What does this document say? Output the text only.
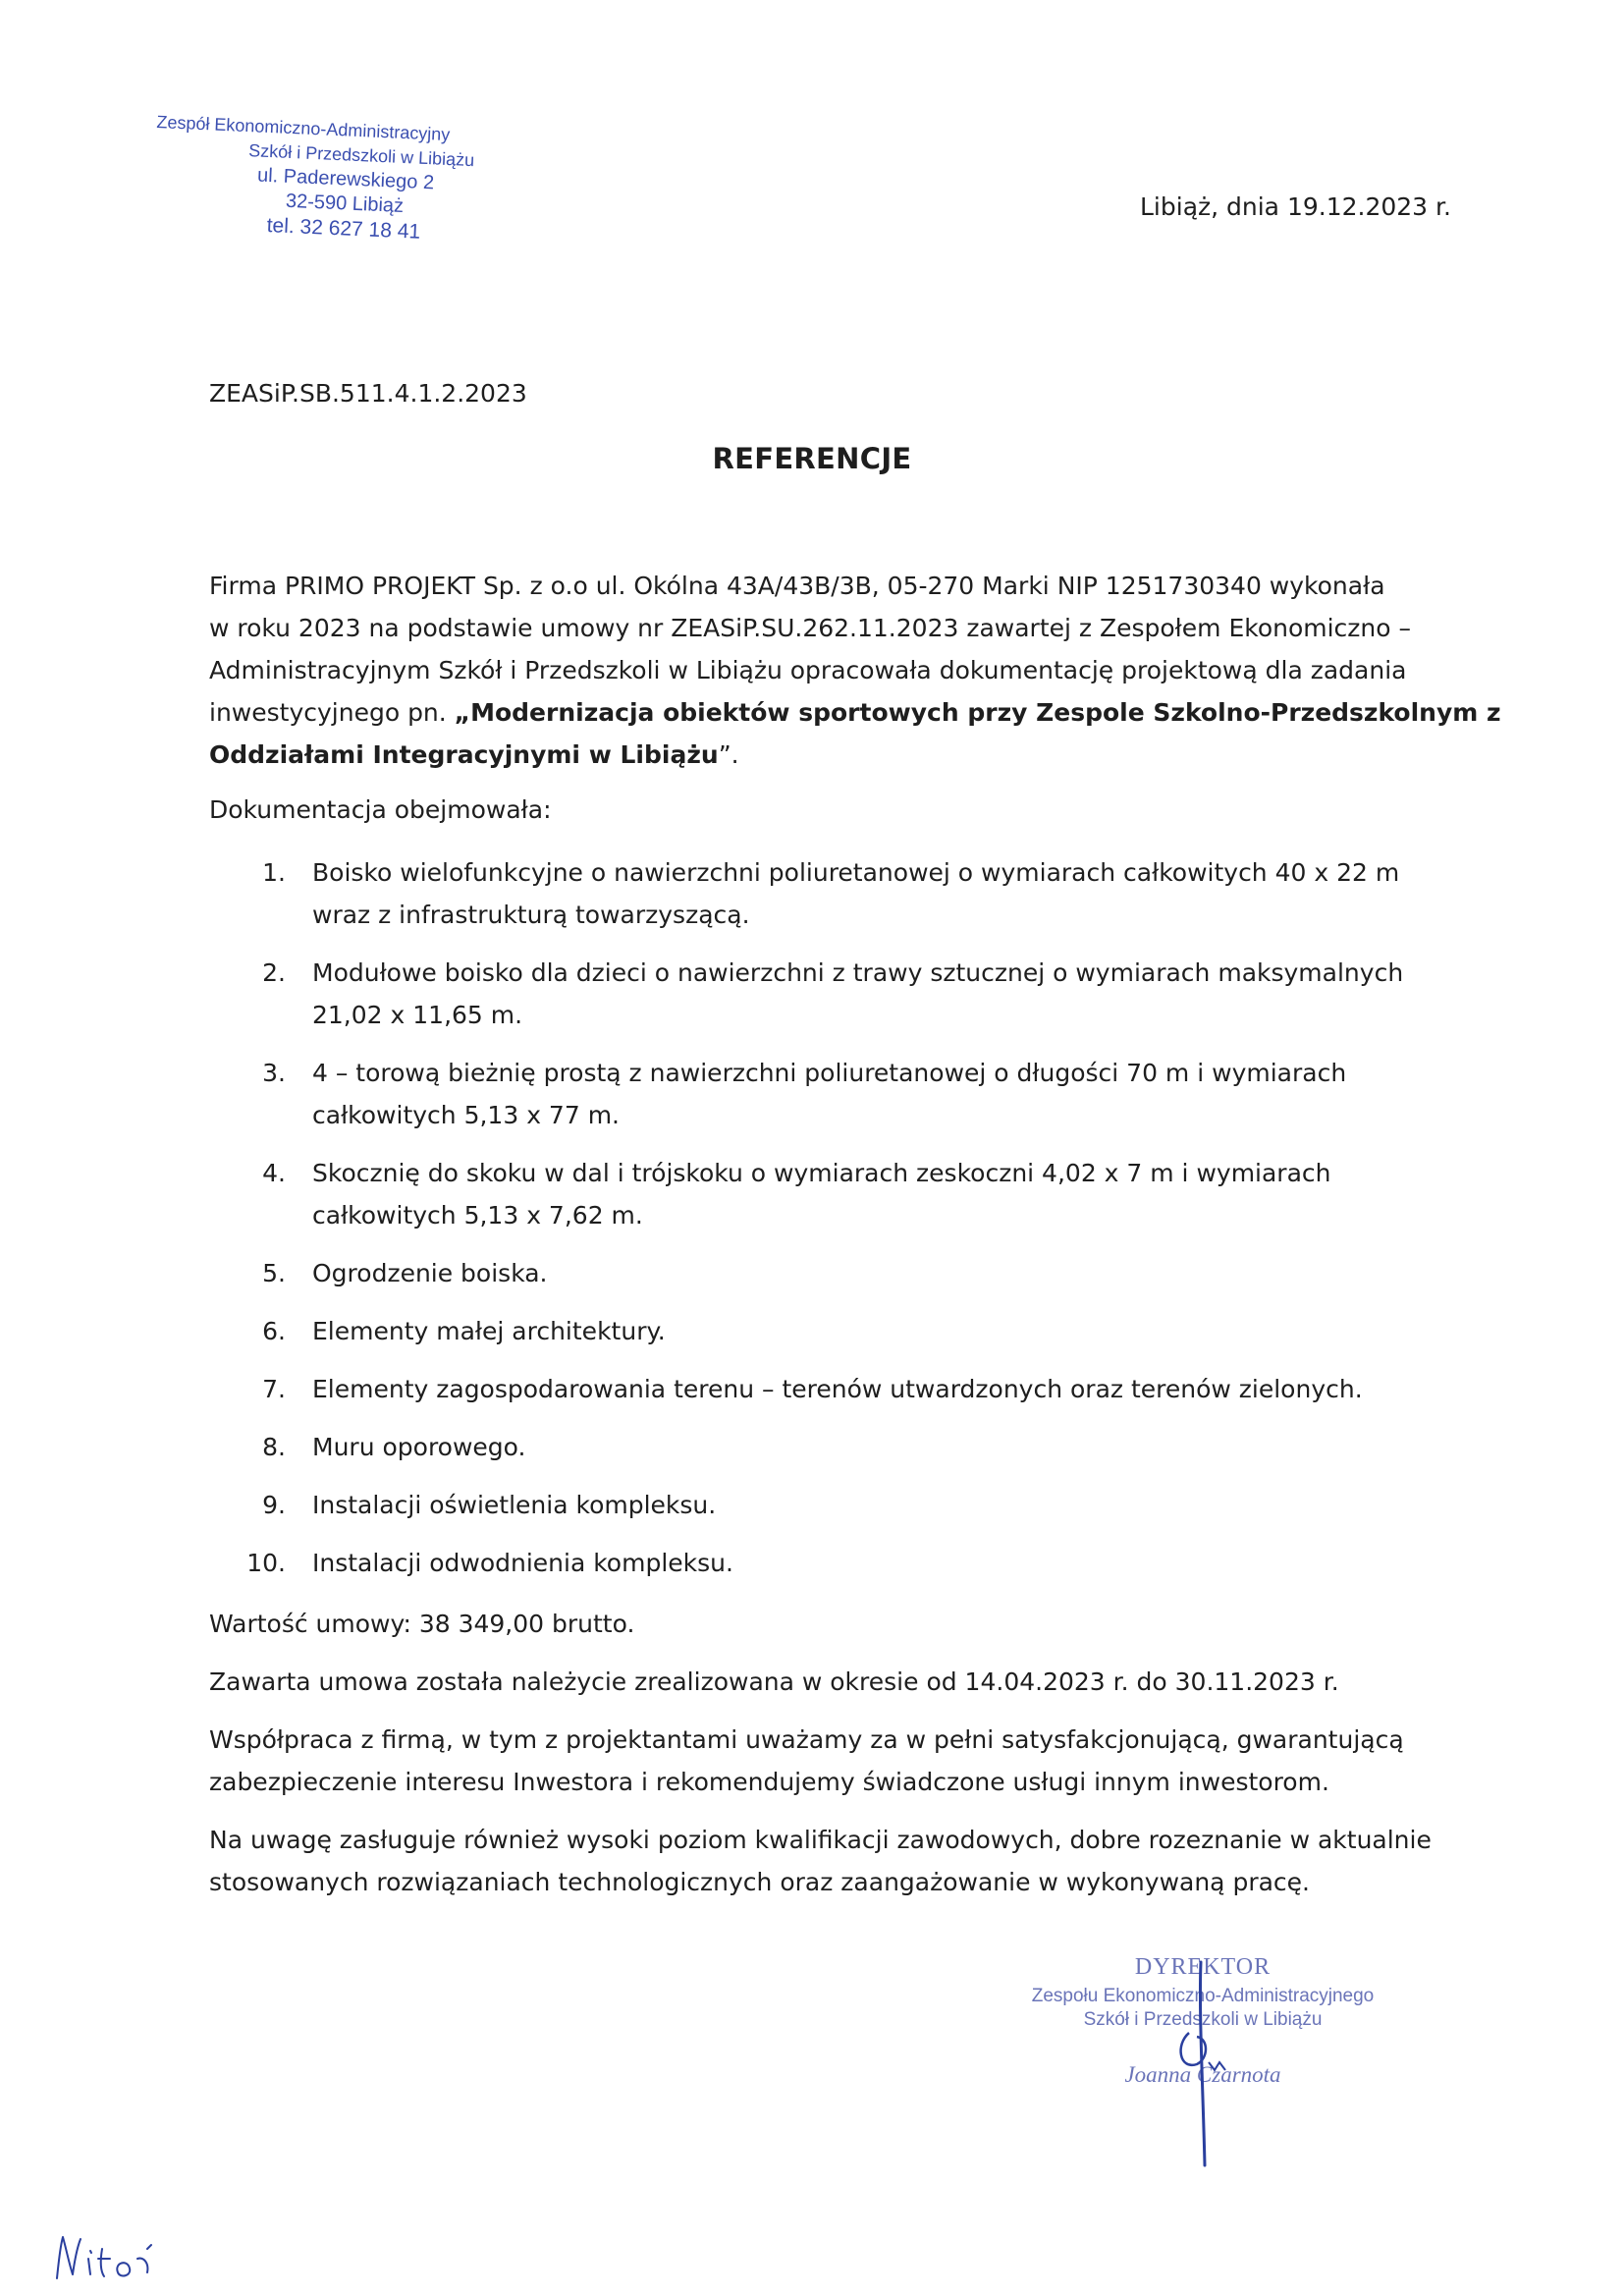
Zespół Ekonomiczno-Administracyjny
Szkół i Przedszkoli w Libiążu
ul. Paderewskiego 2
32-590 Libiąż
tel. 32 627 18 41
Libiąż, dnia 19.12.2023 r.
ZEASiP.SB.511.4.1.2.2023
REFERENCJE
Firma PRIMO PROJEKT Sp. z o.o ul. Okólna 43A/43B/3B, 05-270 Marki NIP 1251730340 wykonała
w roku 2023 na podstawie umowy nr ZEASiP.SU.262.11.2023 zawartej z Zespołem Ekonomiczno –
Administracyjnym Szkół i Przedszkoli w Libiążu opracowała dokumentację projektową dla zadania
inwestycyjnego pn. „Modernizacja obiektów sportowych przy Zespole Szkolno-Przedszkolnym z
Oddziałami Integracyjnymi w Libiążu”.
Dokumentacja obejmowała:
1. Boisko wielofunkcyjne o nawierzchni poliuretanowej o wymiarach całkowitych 40 x 22 m
wraz z infrastrukturą towarzyszącą.
2. Modułowe boisko dla dzieci o nawierzchni z trawy sztucznej o wymiarach maksymalnych
21,02 x 11,65 m.
3. 4 – torową bieżnię prostą z nawierzchni poliuretanowej o długości 70 m i wymiarach
całkowitych 5,13 x 77 m.
4. Skocznię do skoku w dal i trójskoku o wymiarach zeskoczni 4,02 x 7 m i wymiarach
całkowitych 5,13 x 7,62 m.
5. Ogrodzenie boiska.
6. Elementy małej architektury.
7. Elementy zagospodarowania terenu – terenów utwardzonych oraz terenów zielonych.
8. Muru oporowego.
9. Instalacji oświetlenia kompleksu.
10. Instalacji odwodnienia kompleksu.

Wartość umowy: 38 349,00 brutto.

Zawarta umowa została należycie zrealizowana w okresie od 14.04.2023 r. do 30.11.2023 r.

Współpraca z firmą, w tym z projektantami uważamy za w pełni satysfakcjonującą, gwarantującą
zabezpieczenie interesu Inwestora i rekomendujemy świadczone usługi innym inwestorom.

Na uwagę zasługuje również wysoki poziom kwalifikacji zawodowych, dobre rozeznanie w aktualnie
stosowanych rozwiązaniach technologicznych oraz zaangażowanie w wykonywaną pracę.

DYREKTOR
Zespołu Ekonomiczno-Administracyjnego
Szkół i Przedszkoli w Libiążu
Joanna Czarnota
